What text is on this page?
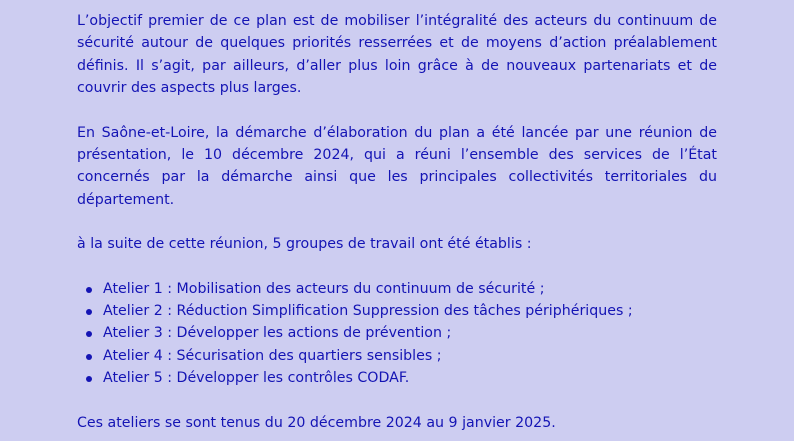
L’objectif premier de ce plan est de mobiliser l’intégralité des acteurs du continuum de sécurité autour de quelques priorités resserrées et de moyens d’action préalablement définis. Il s’agit, par ailleurs, d’aller plus loin grâce à de nouveaux partenariats et de couvrir des aspects plus larges.

En Saône-et-Loire, la démarche d’élaboration du plan a été lancée par une réunion de présentation, le 10 décembre 2024, qui a réuni l’ensemble des services de l’État concernés par la démarche ainsi que les principales collectivités territoriales du département.

à la suite de cette réunion, 5 groupes de travail ont été établis :

Atelier 1 : Mobilisation des acteurs du continuum de sécurité ;
Atelier 2 : Réduction Simplification Suppression des tâches périphériques ;
Atelier 3 : Développer les actions de prévention ;
Atelier 4 : Sécurisation des quartiers sensibles ;
Atelier 5 : Développer les contrôles CODAF.

Ces ateliers se sont tenus du 20 décembre 2024 au 9 janvier 2025.
